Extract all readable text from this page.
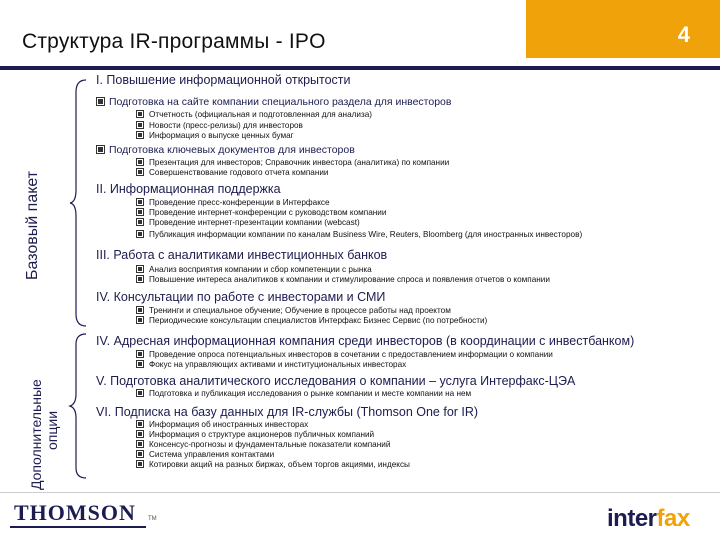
Структура IR-программы - IPO	4
Базовый пакет
Дополнительные опции
I. Повышение информационной открытости
Подготовка на сайте компании специального раздела для инвесторов
Отчетность (официальная и подготовленная для анализа)
Новости (пресс-релизы) для инвесторов
Информация о выпуске ценных бумаг
Подготовка ключевых документов для инвесторов
Презентация для инвесторов; Справочник инвестора (аналитика) по компании
Совершенствование годового отчета компании
II. Информационная поддержка
Проведение пресс-конференции в Интерфаксе
Проведение интернет-конференции с руководством компании
Проведение интернет-презентации компании (webcast)
Публикация информации компании по каналам Business Wire, Reuters, Bloomberg (для иностранных инвесторов)
III. Работа с аналитиками инвестиционных банков
Анализ восприятия компании и сбор компетенции с рынка
Повышение интереса аналитиков к компании и стимулирование спроса и появления отчетов о компании
IV. Консультации по работе с инвесторами и СМИ
Тренинги и специальное обучение; Обучение в процессе работы над проектом
Периодические консультации специалистов Интерфакс Бизнес Сервис (по потребности)
IV. Адресная информационная компания среди инвесторов (в координации с инвестбанком)
Проведение опроса потенциальных инвесторов в сочетании с предоставлением информации о компании
Фокус на управляющих активами и институциональных инвесторах
V. Подготовка аналитического исследования о компании – услуга Интерфакс-ЦЭА
Подготовка и публикация исследования о рынке компании и месте компании на нем
VI. Подписка на базу данных для IR-службы (Thomson One for IR)
Информация об иностранных инвесторах
Информация о структуре акционеров публичных компаний
Консенсус-прогнозы и фундаментальные показатели компаний
Система управления контактами
Котировки акций на разных биржах, объем торгов акциями, индексы
THOMSON TM	interfax
